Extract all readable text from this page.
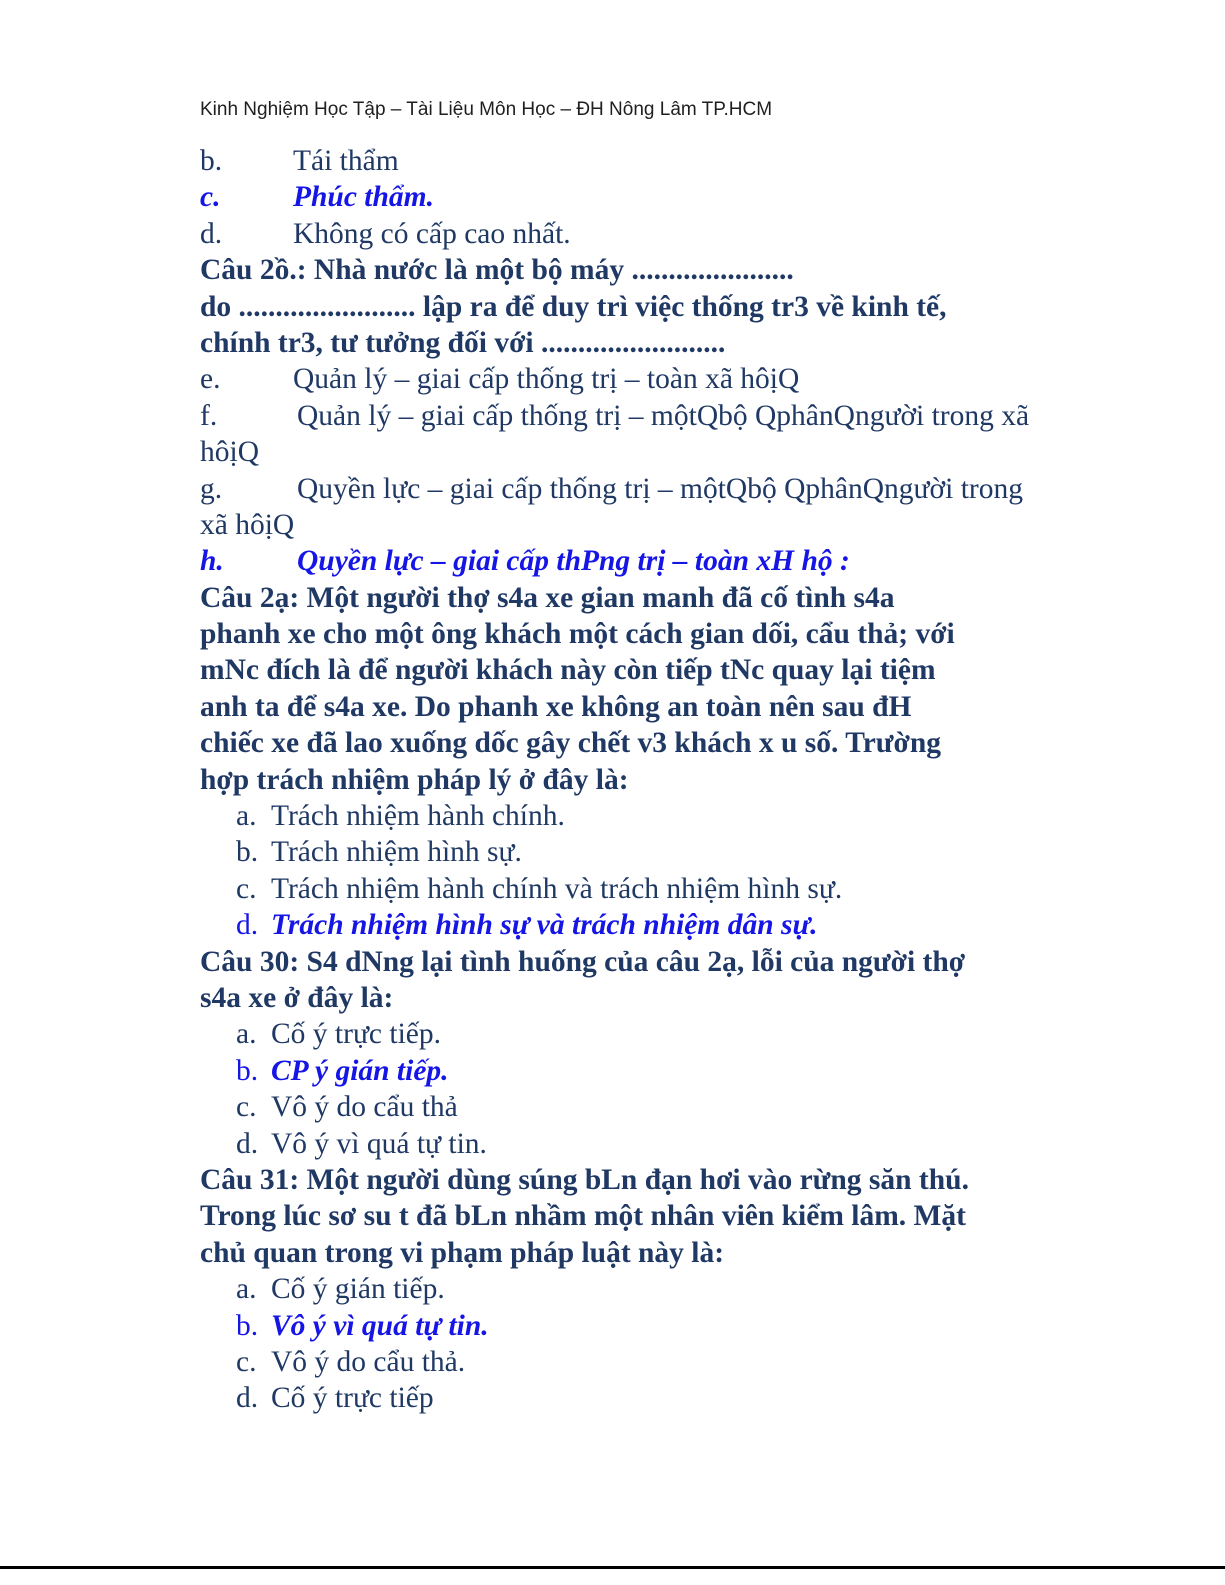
Kinh Nghiệm Học Tập – Tài Liệu Môn Học – ĐH Nông Lâm TP.HCM
b. Tái thẩm
c. Phúc thẩm.
d. Không có cấp cao nhất.
Câu 2ồ.: Nhà nước là một bộ máy ......................
do ........................ lập ra để duy trì việc thống tr3 về kinh tế,
chính tr3, tư tưởng đối với .........................
e. Quản lý – giai cấp thống trị – toàn xã hôịQ
f.	Quản lý – giai cấp thống trị – mộtQbộ QphânQngười trong xã
hôịQ
g.	Quyền lực – giai cấp thống trị – mộtQbộ QphânQngười trong
xã hôịQ
h. Quyền lực – giai cấp thPng trị – toàn xH hộ :
Câu 2ạ: Một người thợ s4a xe gian manh đã cố tình s4a
phanh xe cho một ông khách một cách gian dối, cẩu thả; với
mNc đích là để người khách này còn tiếp tNc quay lại tiệm
anh ta để s4a xe. Do phanh xe không an toàn nên sau đH
chiếc xe đã lao xuống dốc gây chết v3 khách x u số. Trường
hợp trách nhiệm pháp lý ở đây là:
a. Trách nhiệm hành chính.
b. Trách nhiệm hình sự.
c. Trách nhiệm hành chính và trách nhiệm hình sự.
d. Trách nhiệm hình sự và trách nhiệm dân sự.
Câu 30: S4 dNng lại tình huống của câu 2ạ, lỗi của người thợ
s4a xe ở đây là:
a. Cố ý trực tiếp.
b. CP ý gián tiếp.
c. Vô ý do cẩu thả
d. Vô ý vì quá tự tin.
Câu 31: Một người dùng súng bLn đạn hơi vào rừng săn thú.
Trong lúc sơ su t đã bLn nhầm một nhân viên kiểm lâm. Mặt
chủ quan trong vi phạm pháp luật này là:
a. Cố ý gián tiếp.
b. Vô ý vì quá tự tin.
c. Vô ý do cẩu thả.
d. Cố ý trực tiếp
